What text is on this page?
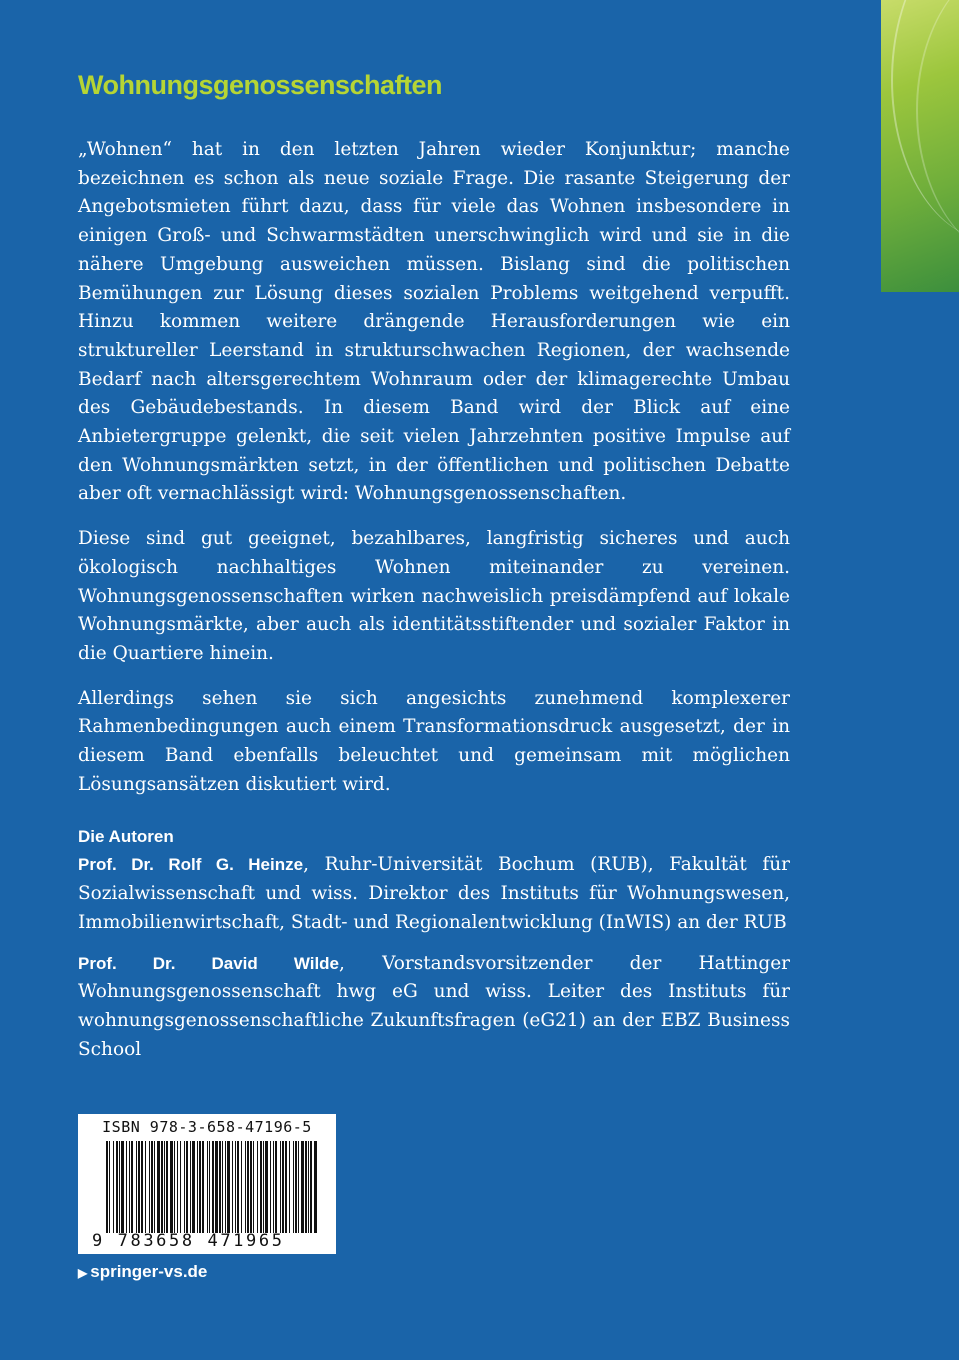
Wohnungsgenossenschaften

„Wohnen“ hat in den letzten Jahren wieder Konjunktur; manche bezeichnen es schon als neue soziale Frage. Die rasante Steigerung der Angebotsmieten führt dazu, dass für viele das Wohnen insbesondere in einigen Groß- und Schwarmstädten unerschwinglich wird und sie in die nähere Umgebung ausweichen müssen. Bislang sind die politischen Bemühungen zur Lösung dieses sozialen Problems weitgehend verpufft. Hinzu kommen weitere drängende Herausforderungen wie ein struktureller Leerstand in strukturschwachen Regionen, der wachsende Bedarf nach altersgerechtem Wohnraum oder der klimagerechte Umbau des Gebäudebestands. In diesem Band wird der Blick auf eine Anbietergruppe gelenkt, die seit vielen Jahrzehnten positive Impulse auf den Wohnungsmärkten setzt, in der öffentlichen und politischen Debatte aber oft vernachlässigt wird: Wohnungsgenossenschaften.

Diese sind gut geeignet, bezahlbares, langfristig sicheres und auch ökologisch nachhaltiges Wohnen miteinander zu vereinen. Wohnungsgenossenschaften wirken nachweislich preisdämpfend auf lokale Wohnungsmärkte, aber auch als identitätsstiftender und sozialer Faktor in die Quartiere hinein.

Allerdings sehen sie sich angesichts zunehmend komplexerer Rahmenbedingungen auch einem Transformationsdruck ausgesetzt, der in diesem Band ebenfalls beleuchtet und gemeinsam mit möglichen Lösungsansätzen diskutiert wird.

Die Autoren

Prof. Dr. Rolf G. Heinze, Ruhr-Universität Bochum (RUB), Fakultät für Sozialwissenschaft und wiss. Direktor des Instituts für Wohnungswesen, Immobilienwirtschaft, Stadt- und Regionalentwicklung (InWIS) an der RUB

Prof. Dr. David Wilde, Vorstandsvorsitzender der Hattinger Wohnungsgenossenschaft hwg eG und wiss. Leiter des Instituts für wohnungsgenossenschaftliche Zukunftsfragen (eG21) an der EBZ Business School

ISBN 978-3-658-47196-5
9 783658 471965
▶ springer-vs.de
